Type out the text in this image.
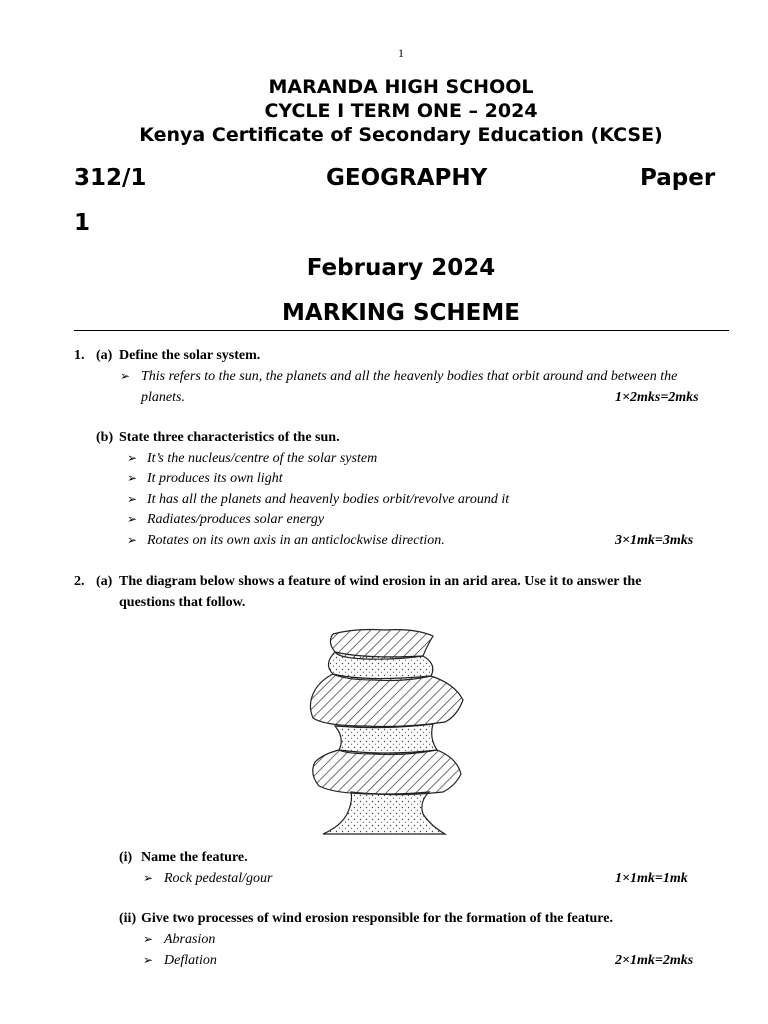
1
MARANDA HIGH SCHOOL
CYCLE I TERM ONE – 2024
Kenya Certificate of Secondary Education (KCSE)
312/1	GEOGRAPHY	Paper
1
February 2024
MARKING SCHEME
1. (a) Define the solar system.
➢ This refers to the sun, the planets and all the heavenly bodies that orbit around and between the
planets.	1×2mks=2mks
(b) State three characteristics of the sun.
➢ It’s the nucleus/centre of the solar system
➢ It produces its own light
➢ It has all the planets and heavenly bodies orbit/revolve around it
➢ Radiates/produces solar energy
➢ Rotates on its own axis in an anticlockwise direction.	3×1mk=3mks
2. (a) The diagram below shows a feature of wind erosion in an arid area. Use it to answer the
questions that follow.
(i) Name the feature.
➢ Rock pedestal/gour	1×1mk=1mk
(ii) Give two processes of wind erosion responsible for the formation of the feature.
➢ Abrasion
➢ Deflation	2×1mk=2mks
